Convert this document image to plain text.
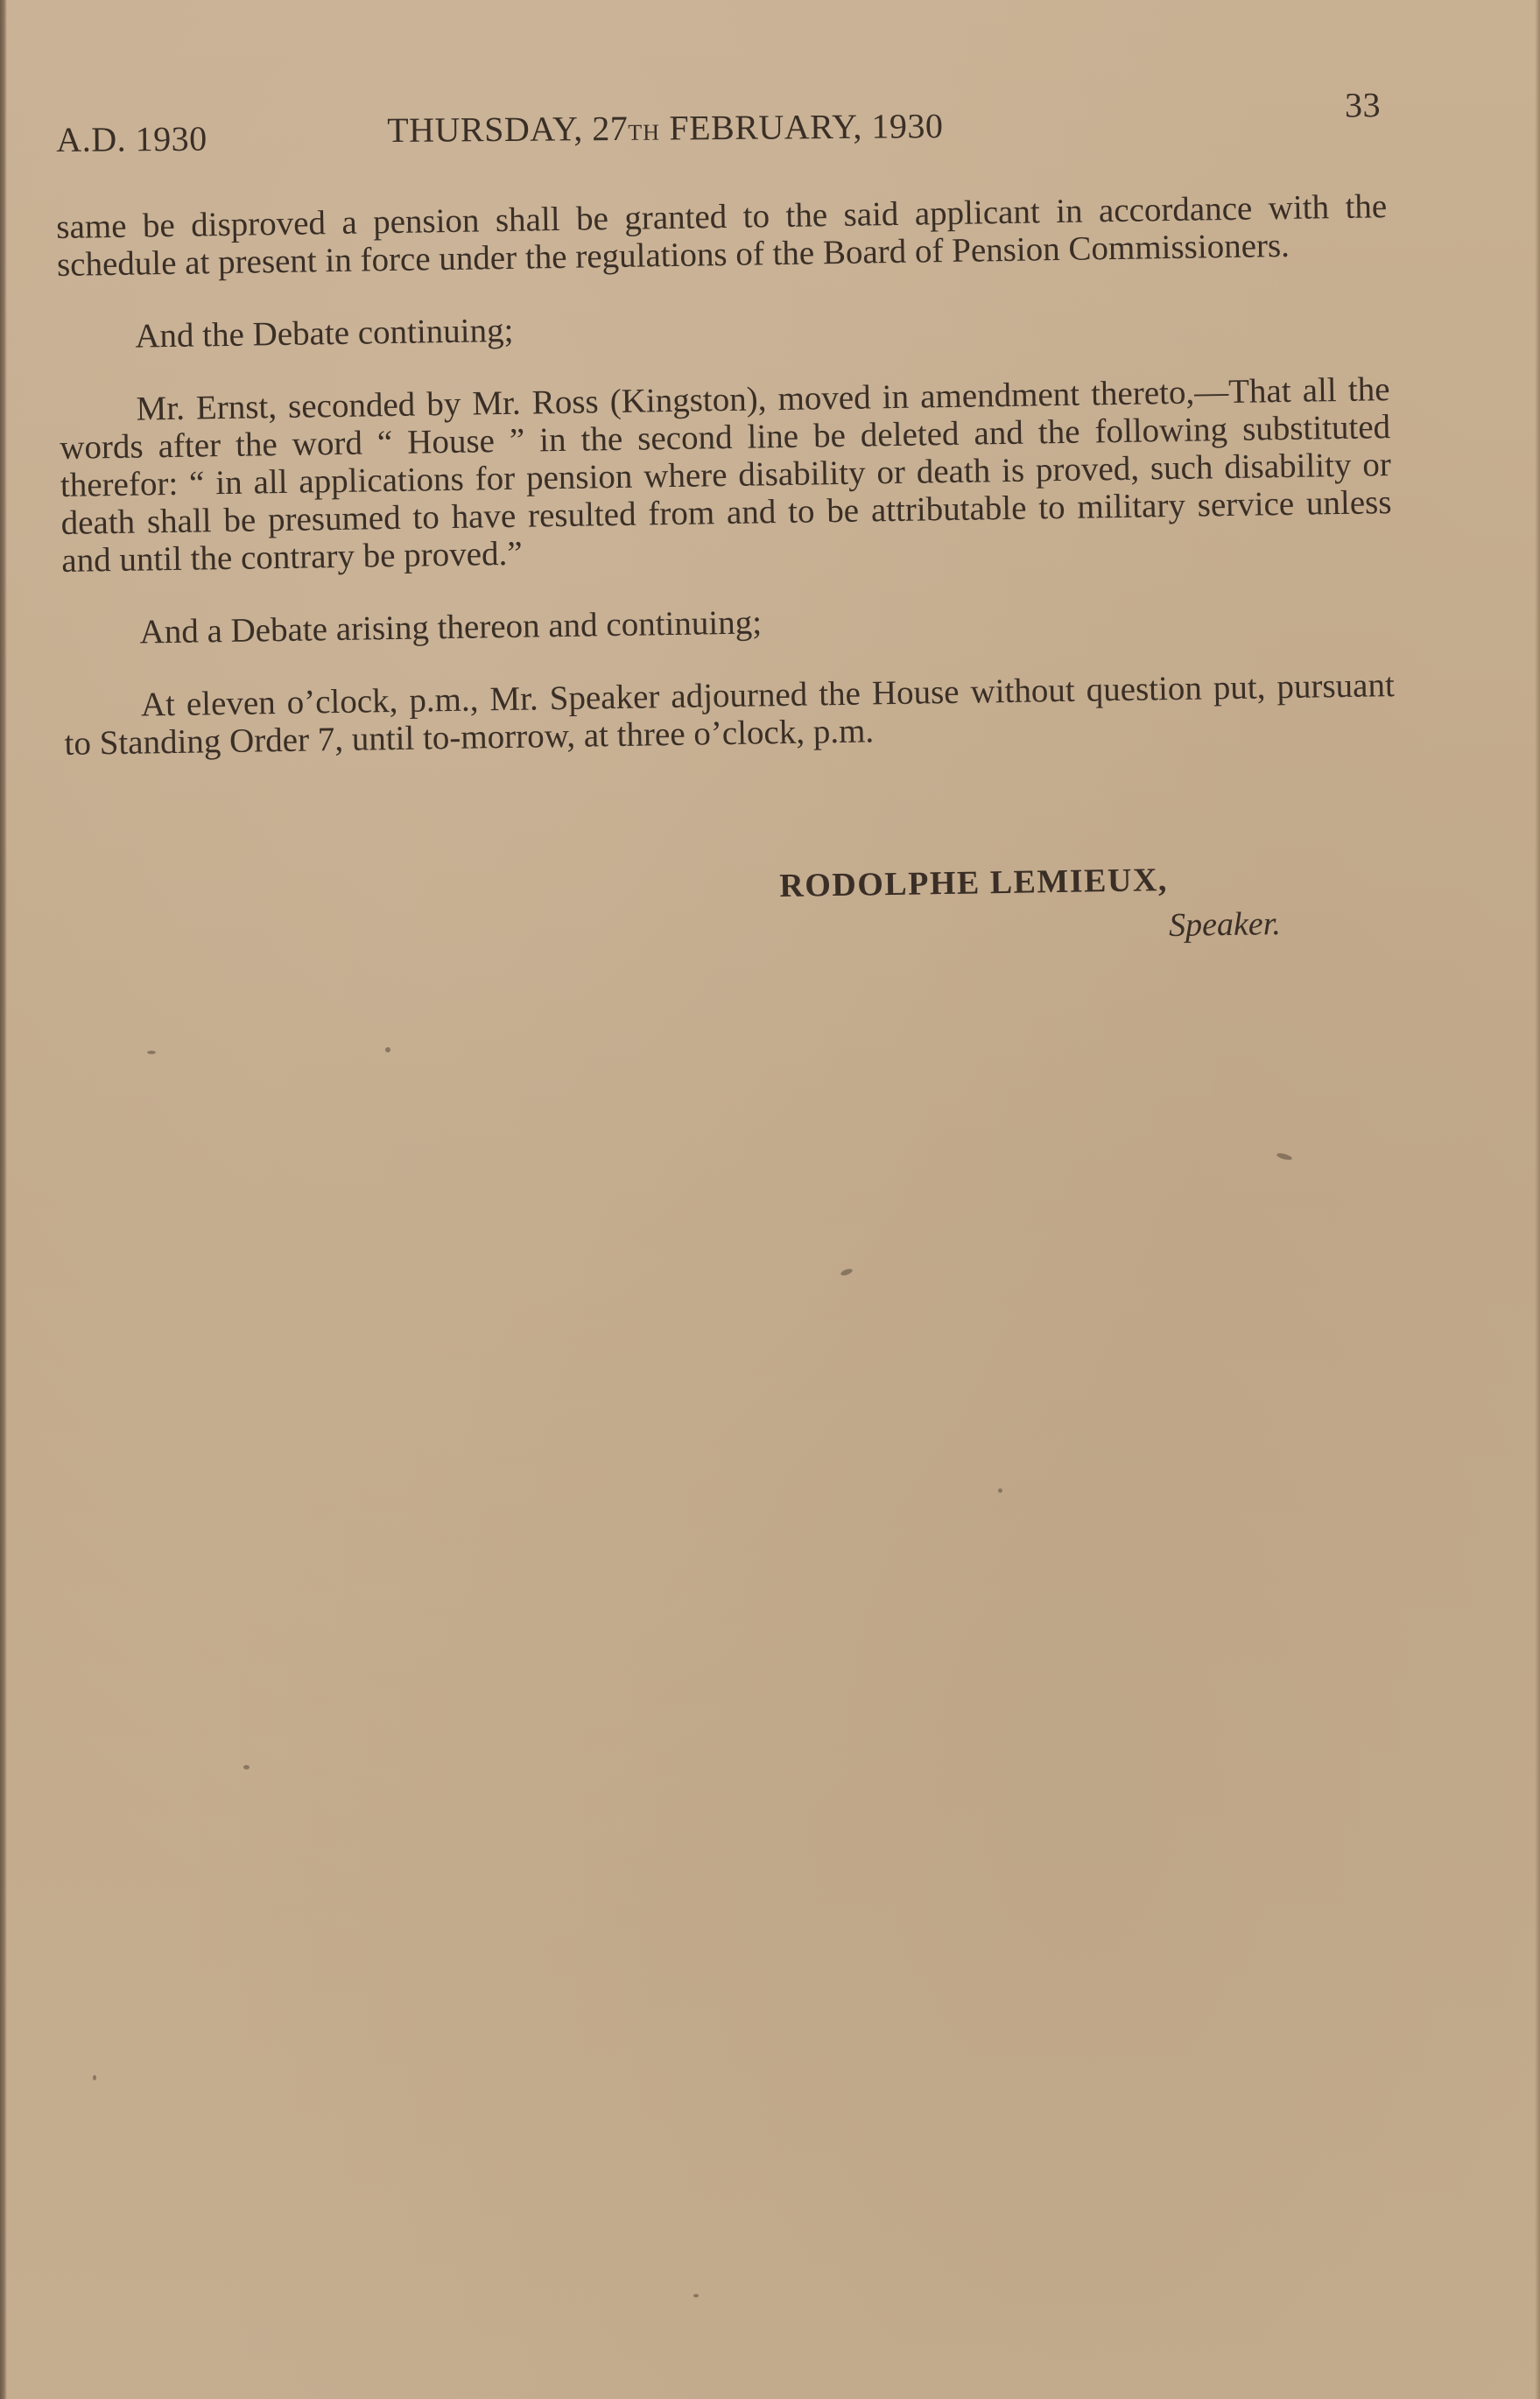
A.D. 1930	THURSDAY, 27TH FEBRUARY, 1930
33

same be disproved a pension shall be granted to the said applicant in accordance with the schedule at present in force under the regulations of the Board of Pension Commissioners.

And the Debate continuing;

Mr. Ernst, seconded by Mr. Ross (Kingston), moved in amendment thereto,—That all the words after the word “ House ” in the second line be deleted and the following substituted therefor: “ in all applications for pension where disability or death is proved, such disability or death shall be presumed to have resulted from and to be attributable to military service unless and until the contrary be proved.”

And a Debate arising thereon and continuing;

At eleven o’clock, p.m., Mr. Speaker adjourned the House without question put, pursuant to Standing Order 7, until to-morrow, at three o’clock, p.m.

RODOLPHE LEMIEUX,
Speaker.
